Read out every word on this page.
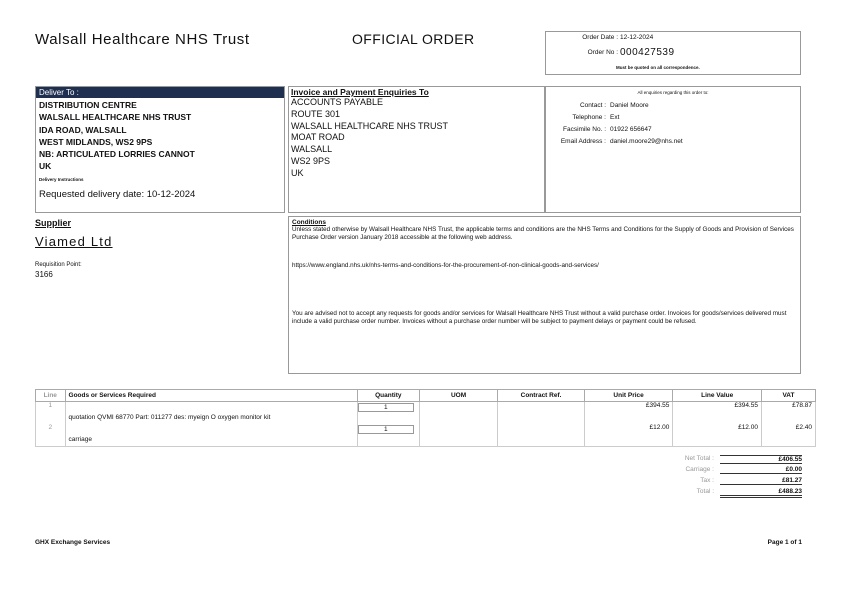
Walsall Healthcare NHS Trust	OFFICIAL ORDER	Order Date : 12-12-2024
Order No : 000427539
Must be quoted on all correspondence.
Deliver To :
DISTRIBUTION CENTRE
WALSALL HEALTHCARE NHS TRUST
IDA ROAD, WALSALL
WEST MIDLANDS, WS2 9PS
NB: ARTICULATED LORRIES CANNOT
UK
Delivery Instructions
Requested delivery date: 10-12-2024
Invoice and Payment Enquiries To
ACCOUNTS PAYABLE
ROUTE 301
WALSALL HEALTHCARE NHS TRUST
MOAT ROAD
WALSALL
WS2 9PS
UK
All enquiries regarding this order to:
Contact : Daniel Moore
Telephone : Ext
Facsimile No. : 01922 656647
Email Address : daniel.moore29@nhs.net
Supplier
Viamed Ltd
Requisition Point:
3166
Conditions
Unless stated otherwise by Walsall Healthcare NHS Trust, the applicable terms and conditions are the NHS Terms and Conditions for the Supply of Goods and Provision of Services Purchase Order version January 2018 accessible at the following web address.
https://www.england.nhs.uk/nhs-terms-and-conditions-for-the-procurement-of-non-clinical-goods-and-services/
You are advised not to accept any requests for goods and/or services for Walsall Healthcare NHS Trust without a valid purchase order. Invoices for goods/services delivered must include a valid purchase order number. Invoices without a purchase order number will be subject to payment delays or payment could be refused.
Line	Goods or Services Required	Quantity	UOM	Contract Ref.	Unit Price	Line Value	VAT
1	quotation QVMI 68770 Part: 011277 des: myeign O oxygen monitor kit	1			£394.55	£394.55	£78.87
2	carriage	1			£12.00	£12.00	£2.40
Net Total :	£406.55
Carriage :	£0.00
Tax :	£81.27
Total :	£488.23
GHX Exchange Services	Page 1 of 1
